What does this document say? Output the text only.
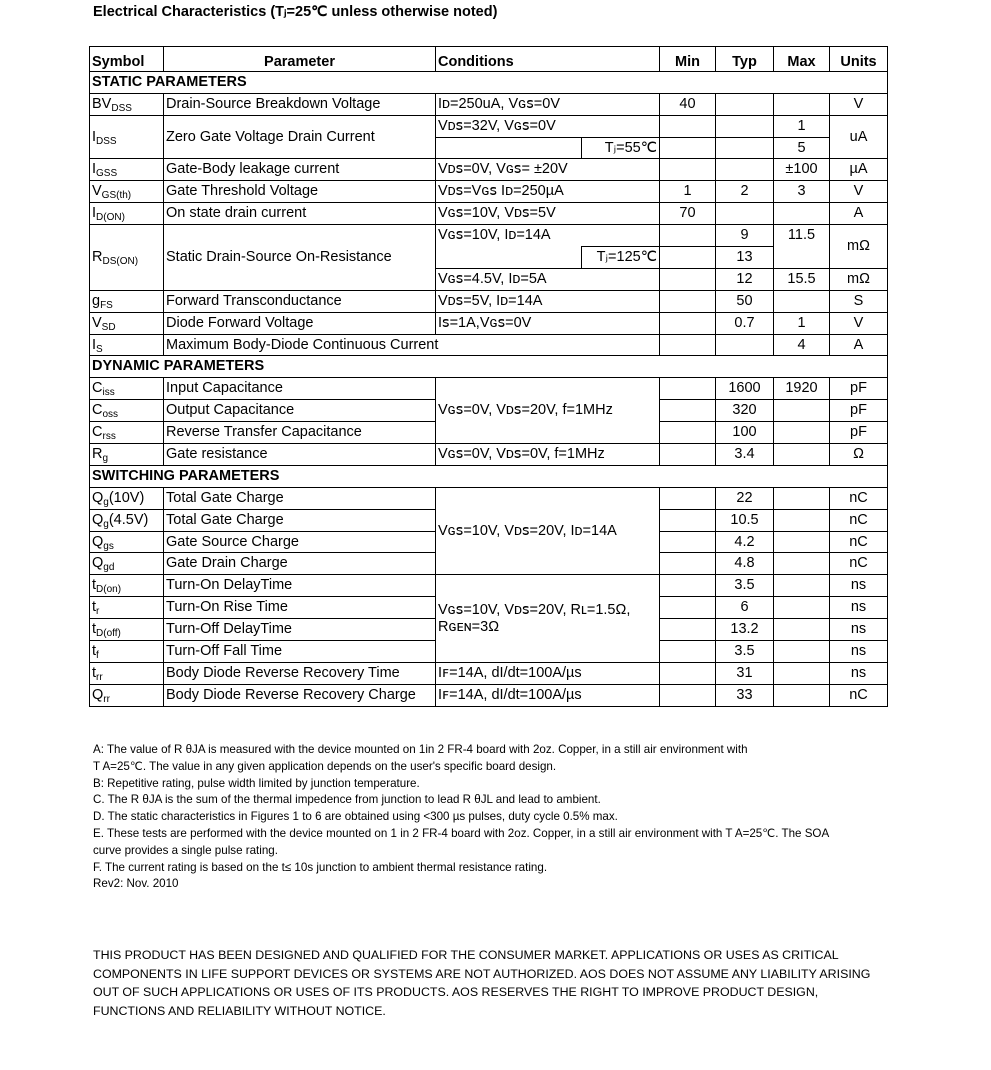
Electrical Characteristics (Tⱼ=25℃ unless otherwise noted)
Symbol	Parameter	Conditions		Min	Typ	Max	Units
STATIC PARAMETERS							
$BV_{DSS}$	Drain-Source Breakdown Voltage	Iᴅ=250uA, Vɢꜱ=0V		40			V
$I_{DSS}$	Zero Gate Voltage Drain Current	Vᴅꜱ=32V, Vɢꜱ=0V				1	uA
			Tⱼ=55℃			5	
$I_{GSS}$	Gate-Body leakage current	Vᴅꜱ=0V, Vɢꜱ= ±20V				±100	µA
$V_{GS(th)}$	Gate Threshold Voltage	Vᴅꜱ=Vɢꜱ Iᴅ=250µA		1	2	3	V
$I_{D(ON)}$	On state drain current	Vɢꜱ=10V, Vᴅꜱ=5V		70			A
$R_{DS(ON)}$	Static Drain-Source On-Resistance	Vɢꜱ=10V, Iᴅ=14A			9	11.5	mΩ
			Tⱼ=125℃		13		
		Vɢꜱ=4.5V, Iᴅ=5A			12	15.5	mΩ
$g_{FS}$	Forward Transconductance	Vᴅꜱ=5V, Iᴅ=14A			50		S
$V_{SD}$	Diode Forward Voltage	Iꜱ=1A,Vɢꜱ=0V			0.7	1	V
$I_S$	Maximum Body-Diode Continuous Current					4	A
DYNAMIC PARAMETERS							
$C_{iss}$	Input Capacitance	Vɢꜱ=0V, Vᴅꜱ=20V, f=1MHz			1600	1920	pF
$C_{oss}$	Output Capacitance				320		pF
$C_{rss}$	Reverse Transfer Capacitance				100		pF
$R_g$	Gate resistance	Vɢꜱ=0V, Vᴅꜱ=0V, f=1MHz			3.4		Ω
SWITCHING PARAMETERS							
$Q_g(10V)$	Total Gate Charge	Vɢꜱ=10V, Vᴅꜱ=20V, Iᴅ=14A			22		nC
$Q_g(4.5V)$	Total Gate Charge				10.5		nC
$Q_{gs}$	Gate Source Charge				4.2		nC
$Q_{gd}$	Gate Drain Charge				4.8		nC
$t_{D(on)}$	Turn-On DelayTime	Vɢꜱ=10V, Vᴅꜱ=20V, Rʟ=1.5Ω,
Rɢᴇɴ=3Ω			3.5		ns
$t_r$	Turn-On Rise Time				6		ns
$t_{D(off)}$	Turn-Off DelayTime				13.2		ns
$t_f$	Turn-Off Fall Time				3.5		ns
$t_{rr}$	Body Diode Reverse Recovery Time	Iꜰ=14A, dI/dt=100A/µs			31		ns
$Q_{rr}$	Body Diode Reverse Recovery Charge	Iꜰ=14A, dI/dt=100A/µs			33		nC
A: The value of R θJA is measured with the device mounted on 1in 2 FR-4 board with 2oz. Copper, in a still air environment with
T A=25℃. The value in any given application depends on the user's specific board design.
B: Repetitive rating, pulse width limited by junction temperature.
C. The R θJA is the sum of the thermal impedence from junction to lead R θJL and lead to ambient.
D. The static characteristics in Figures 1 to 6 are obtained using <300 µs pulses, duty cycle 0.5% max.
E. These tests are performed with the device mounted on 1 in 2 FR-4 board with 2oz. Copper, in a still air environment with T A=25℃. The SOA
curve provides a single pulse rating.
F. The current rating is based on the t≤ 10s junction to ambient thermal resistance rating.
Rev2: Nov. 2010
THIS PRODUCT HAS BEEN DESIGNED AND QUALIFIED FOR THE CONSUMER MARKET. APPLICATIONS OR USES AS CRITICAL COMPONENTS IN LIFE SUPPORT DEVICES OR SYSTEMS ARE NOT AUTHORIZED. AOS DOES NOT ASSUME ANY LIABILITY ARISING OUT OF SUCH APPLICATIONS OR USES OF ITS PRODUCTS. AOS RESERVES THE RIGHT TO IMPROVE PRODUCT DESIGN, FUNCTIONS AND RELIABILITY WITHOUT NOTICE.
